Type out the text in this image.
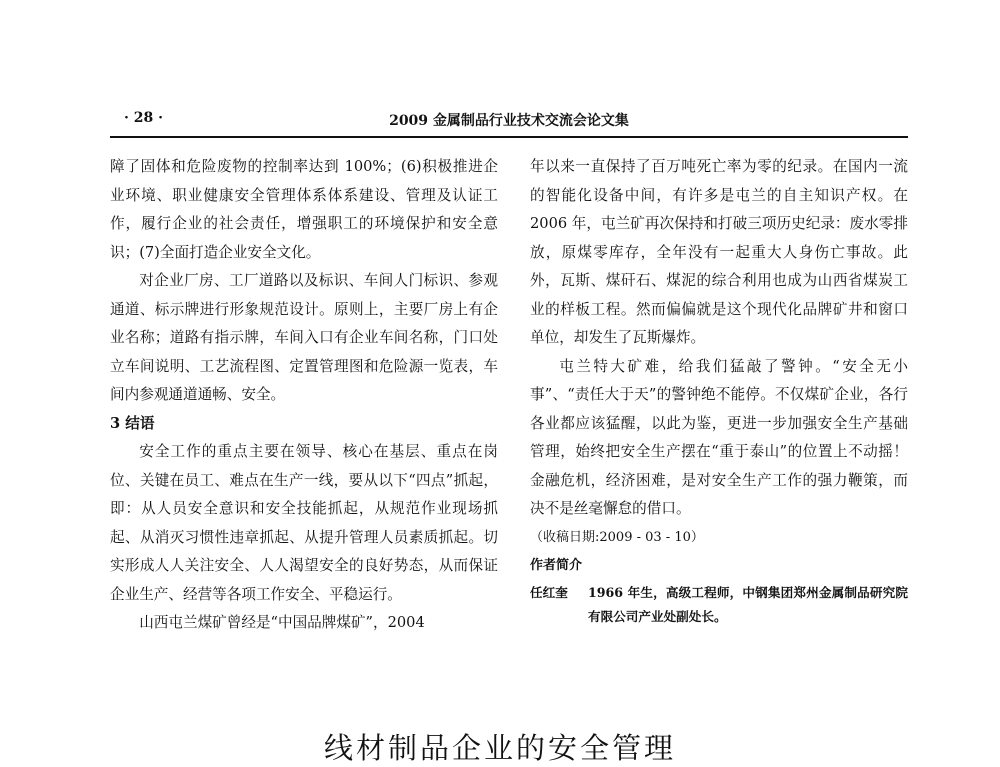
· 28 ·	2009 金属制品行业技术交流会论文集

障了固体和危险废物的控制率达到 100%；(6)积极推进企业环境、职业健康安全管理体系体系建设、管理及认证工作，履行企业的社会责任，增强职工的环境保护和安全意识；(7)全面打造企业安全文化。

对企业厂房、工厂道路以及标识、车间人门标识、参观通道、标示牌进行形象规范设计。原则上，主要厂房上有企业名称；道路有指示牌，车间入口有企业车间名称，门口处立车间说明、工艺流程图、定置管理图和危险源一览表，车间内参观通道通畅、安全。

3 结语

安全工作的重点主要在领导、核心在基层、重点在岗位、关键在员工、难点在生产一线，要从以下“四点”抓起，即：从人员安全意识和安全技能抓起，从规范作业现场抓起、从消灭习惯性违章抓起、从提升管理人员素质抓起。切实形成人人关注安全、人人渴望安全的良好势态，从而保证企业生产、经营等各项工作安全、平稳运行。

山西屯兰煤矿曾经是“中国品牌煤矿”，2004

年以来一直保持了百万吨死亡率为零的纪录。在国内一流的智能化设备中间，有许多是屯兰的自主知识产权。在 2006 年，屯兰矿再次保持和打破三项历史纪录：废水零排放，原煤零库存，全年没有一起重大人身伤亡事故。此外，瓦斯、煤矸石、煤泥的综合利用也成为山西省煤炭工业的样板工程。然而偏偏就是这个现代化品牌矿井和窗口单位，却发生了瓦斯爆炸。

屯兰特大矿难，给我们猛敲了警钟。“安全无小事”、“责任大于天”的警钟绝不能停。不仅煤矿企业，各行各业都应该猛醒，以此为鉴，更进一步加强安全生产基础管理，始终把安全生产摆在“重于泰山”的位置上不动摇！金融危机，经济困难，是对安全生产工作的强力鞭策，而决不是丝毫懈怠的借口。

（收稿日期:2009 - 03 - 10）

作者简介

任红奎 1966 年生，高级工程师，中钢集团郑州金属制品研究院有限公司产业处副处长。

线材制品企业的安全管理
